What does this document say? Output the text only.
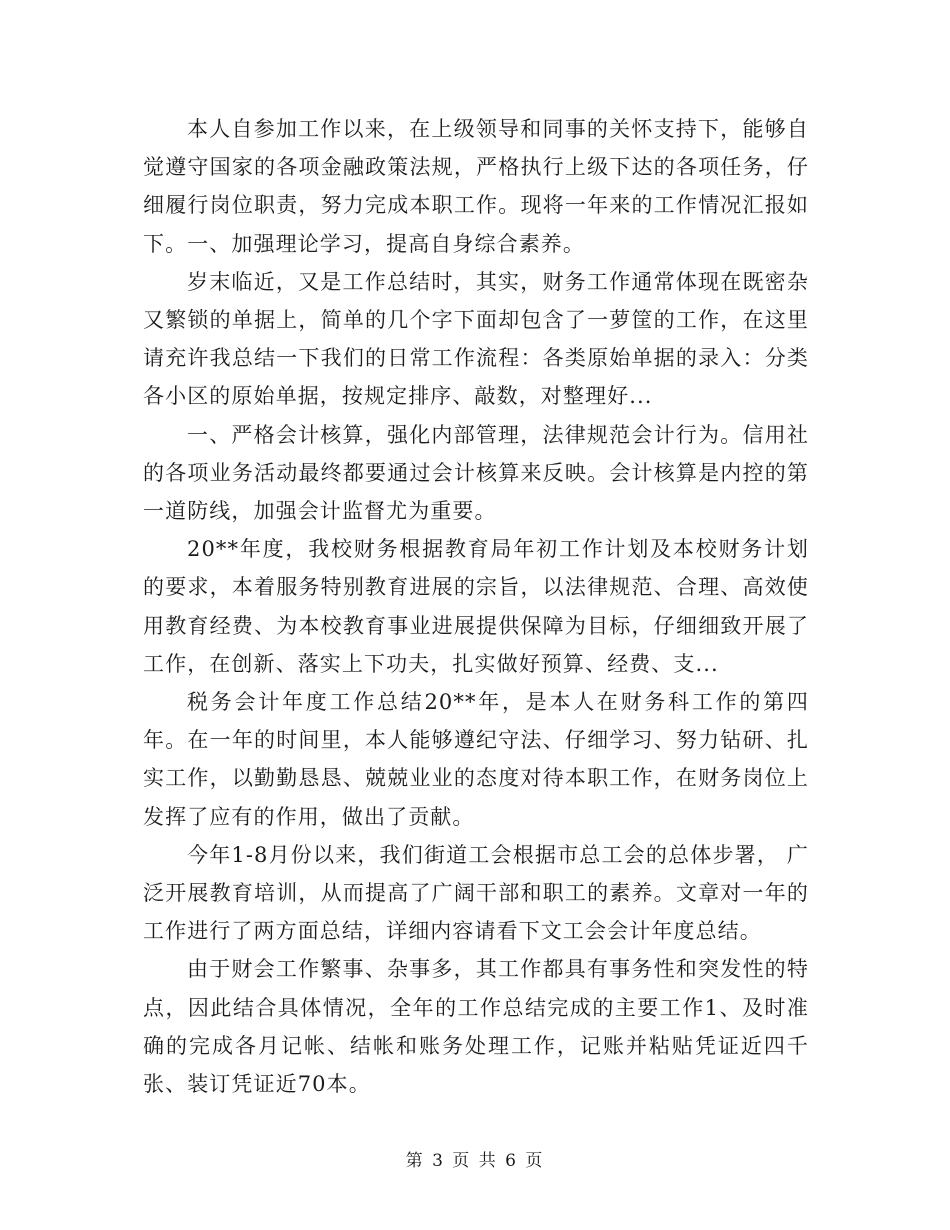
本人自参加工作以来，在上级领导和同事的关怀支持下，能够自觉遵守国家的各项金融政策法规，严格执行上级下达的各项任务，仔细履行岗位职责，努力完成本职工作。现将一年来的工作情况汇报如下。一、加强理论学习，提高自身综合素养。

岁末临近，又是工作总结时，其实，财务工作通常体现在既密杂又繁锁的单据上，简单的几个字下面却包含了一萝筐的工作，在这里请充许我总结一下我们的日常工作流程：各类原始单据的录入：分类各小区的原始单据，按规定排序、敲数，对整理好...

一、严格会计核算，强化内部管理，法律规范会计行为。信用社的各项业务活动最终都要通过会计核算来反映。会计核算是内控的第一道防线，加强会计监督尤为重要。

20**年度，我校财务根据教育局年初工作计划及本校财务计划的要求，本着服务特别教育进展的宗旨，以法律规范、合理、高效使用教育经费、为本校教育事业进展提供保障为目标，仔细细致开展了工作，在创新、落实上下功夫，扎实做好预算、经费、支...

税务会计年度工作总结20**年，是本人在财务科工作的第四年。在一年的时间里，本人能够遵纪守法、仔细学习、努力钻研、扎实工作，以勤勤恳恳、兢兢业业的态度对待本职工作，在财务岗位上发挥了应有的作用，做出了贡献。

今年1-8月份以来，我们街道工会根据市总工会的总体步署， 广泛开展教育培训，从而提高了广阔干部和职工的素养。文章对一年的工作进行了两方面总结，详细内容请看下文工会会计年度总结。

由于财会工作繁事、杂事多，其工作都具有事务性和突发性的特点，因此结合具体情况，全年的工作总结完成的主要工作1、及时准确的完成各月记帐、结帐和账务处理工作，记账并粘贴凭证近四千张、装订凭证近70本。

第 3 页 共 6 页
